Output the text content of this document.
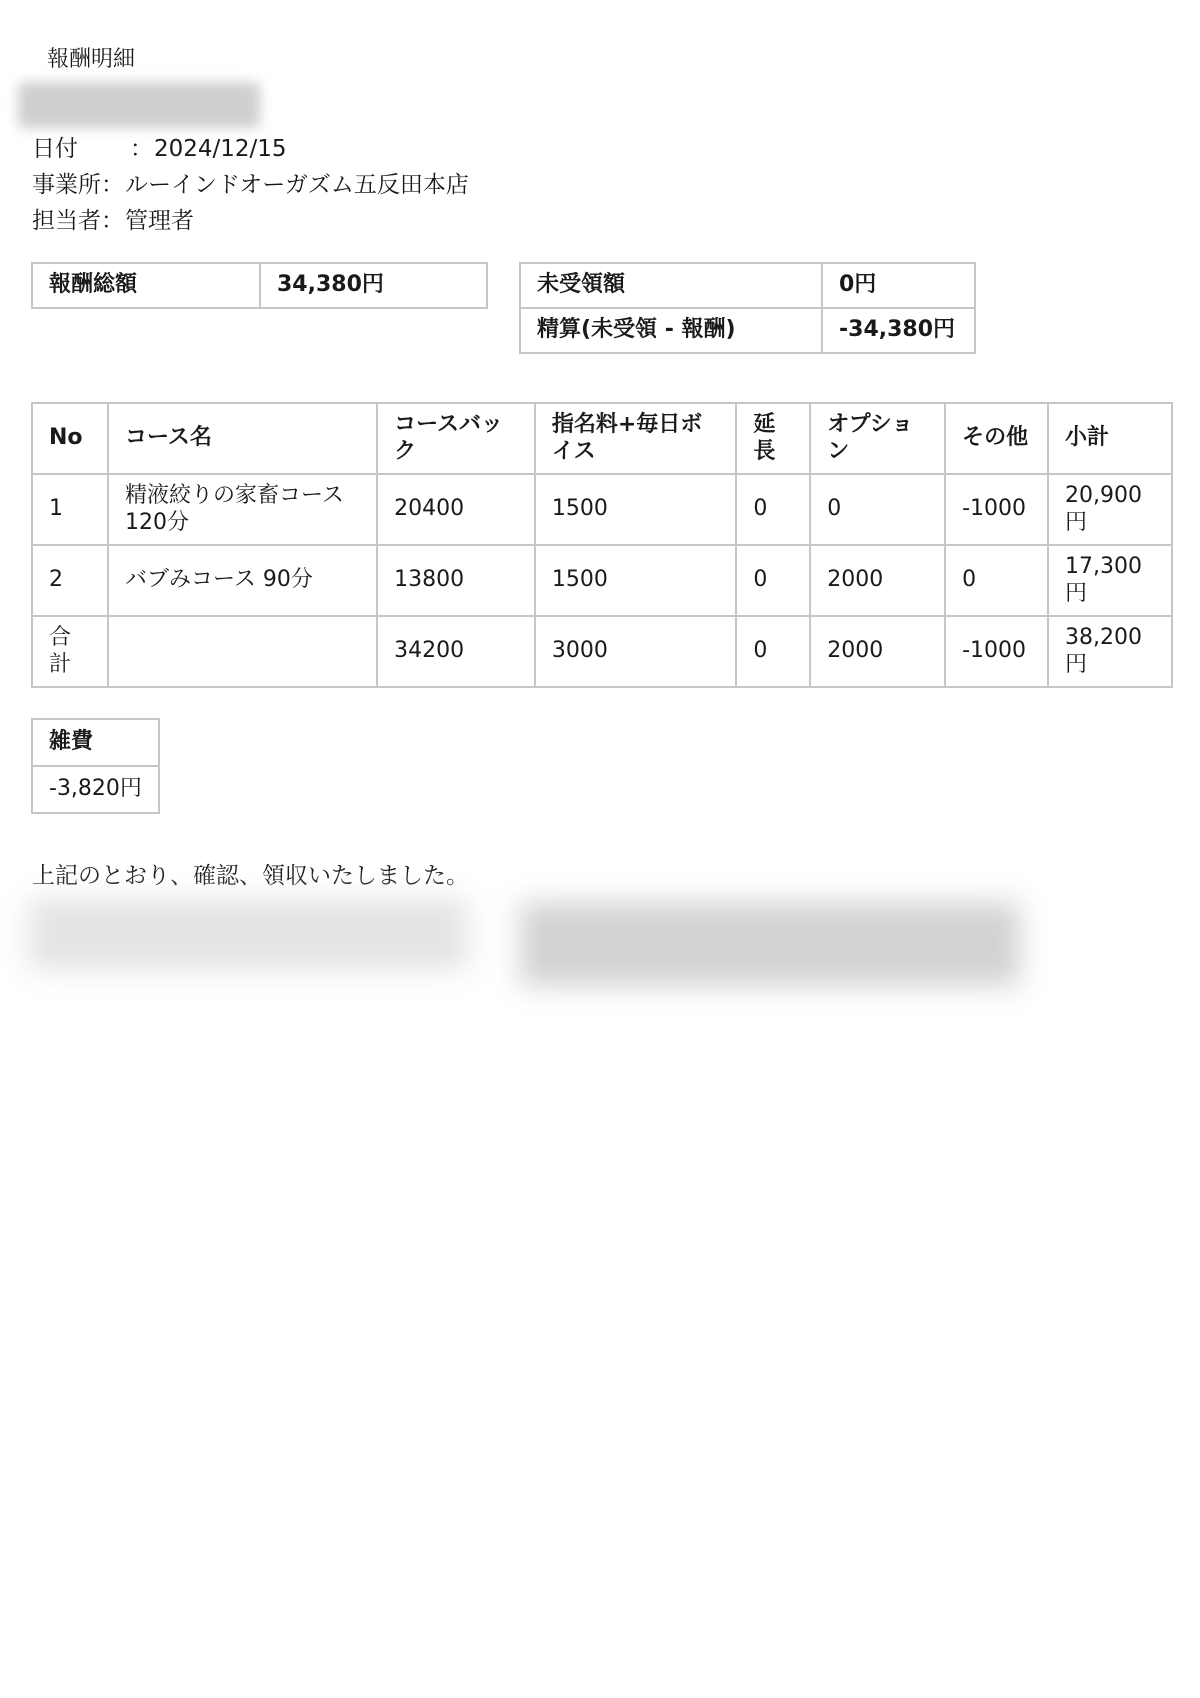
報酬明細
日付 ：2024/12/15
事業所：ルーインドオーガズム五反田本店
担当者：管理者
報酬総額	34,380円	未受領額	0円
精算(未受領 - 報酬)	-34,380円
No	コース名	コースバック	指名料+毎日ボイス	延長	オプション	その他	小計
1	精液絞りの家畜コース120分	20400	1500	0	0	-1000	20,900円
2	バブみコース 90分	13800	1500	0	2000	0	17,300円
合計		34200	3000	0	2000	-1000	38,200円
雑費
-3,820円
上記のとおり、確認、領収いたしました。
